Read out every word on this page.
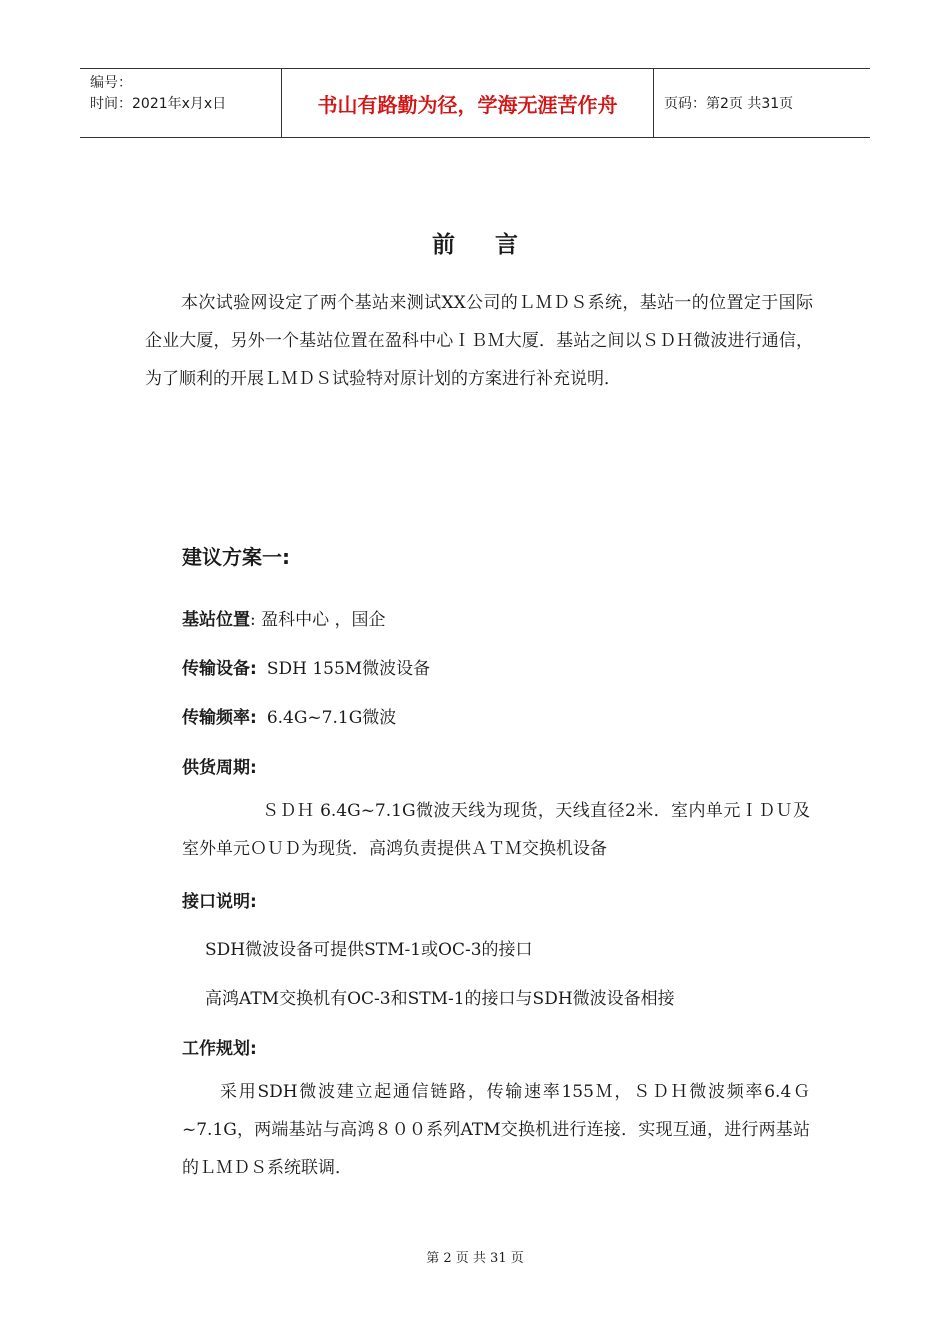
编号：
时间：2021年x月x日	书山有路勤为径，学海无涯苦作舟	页码：第2页 共31页
前言
本次试验网设定了两个基站来测试XX公司的ＬＭＤＳ系统，基站一的位置定于国际企业大厦，另外一个基站位置在盈科中心ＩＢＭ大厦．基站之间以ＳＤＨ微波进行通信，为了顺利的开展ＬＭＤＳ试验特对原计划的方案进行补充说明．
建议方案一:
基站位置: 盈科中心 ，国企
传输设备: SDH 155M微波设备
传输频率: 6.4G~7.1G微波
供货周期:
ＳＤＨ 6.4G~7.1G微波天线为现货，天线直径2米．室内单元ＩＤＵ及室外单元ＯＵＤ为现货．高鸿负责提供ＡＴＭ交换机设备
接口说明:
SDH微波设备可提供STM-1或OC-3的接口
高鸿ATM交换机有OC-3和STM-1的接口与SDH微波设备相接
工作规划:
采用SDH微波建立起通信链路，传输速率155Ｍ，ＳＤＨ微波频率6.4Ｇ~7.1G，两端基站与高鸿８００系列ATM交换机进行连接．实现互通，进行两基站的ＬＭＤＳ系统联调．
第 2 页 共 31 页
